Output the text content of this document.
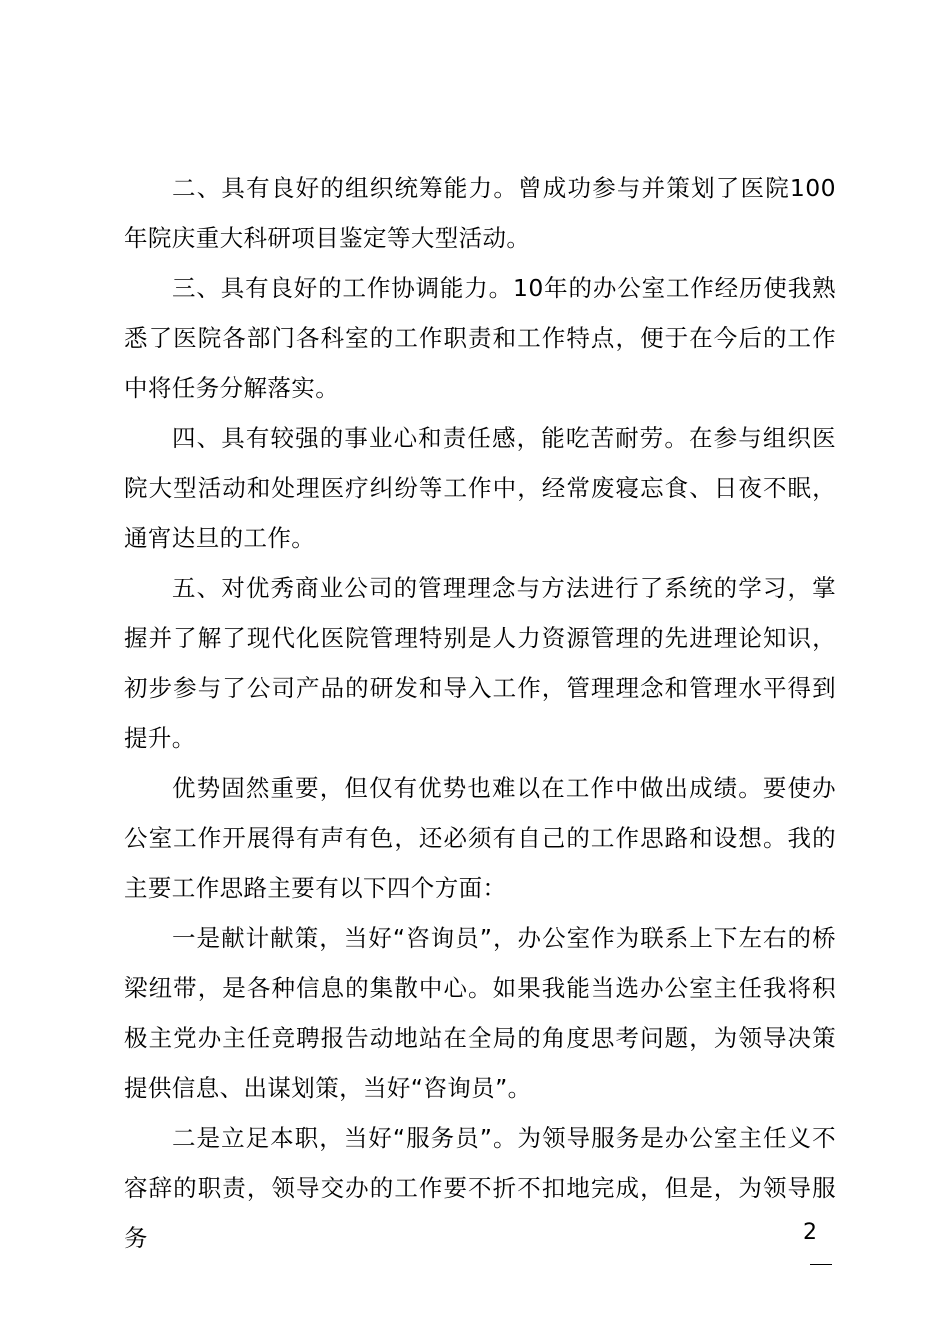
二、具有良好的组织统筹能力。曾成功参与并策划了医院100年院庆重大科研项目鉴定等大型活动。

三、具有良好的工作协调能力。10年的办公室工作经历使我熟悉了医院各部门各科室的工作职责和工作特点，便于在今后的工作中将任务分解落实。

四、具有较强的事业心和责任感，能吃苦耐劳。在参与组织医院大型活动和处理医疗纠纷等工作中，经常废寝忘食、日夜不眠，通宵达旦的工作。

五、对优秀商业公司的管理理念与方法进行了系统的学习，掌握并了解了现代化医院管理特别是人力资源管理的先进理论知识，初步参与了公司产品的研发和导入工作，管理理念和管理水平得到提升。

优势固然重要，但仅有优势也难以在工作中做出成绩。要使办公室工作开展得有声有色，还必须有自己的工作思路和设想。我的主要工作思路主要有以下四个方面：

一是献计献策，当好“咨询员”，办公室作为联系上下左右的桥梁纽带，是各种信息的集散中心。如果我能当选办公室主任我将积极主党办主任竞聘报告动地站在全局的角度思考问题，为领导决策提供信息、出谋划策，当好“咨询员”。

二是立足本职，当好“服务员”。为领导服务是办公室主任义不容辞的职责，领导交办的工作要不折不扣地完成，但是，为领导服务	2
